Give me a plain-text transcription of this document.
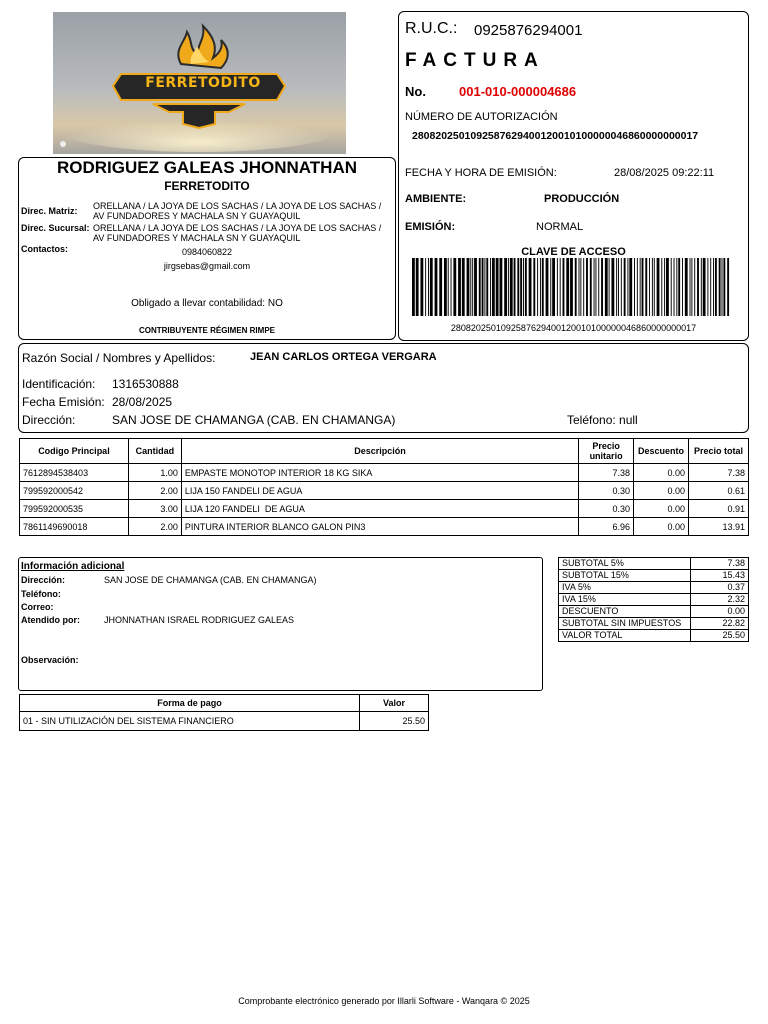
FERRETODITO
RODRIGUEZ GALEAS JHONNATHAN
FERRETODITO
Direc. Matriz: ORELLANA / LA JOYA DE LOS SACHAS / LA JOYA DE LOS SACHAS / AV FUNDADORES Y MACHALA SN Y GUAYAQUIL
Direc. Sucursal: ORELLANA / LA JOYA DE LOS SACHAS / LA JOYA DE LOS SACHAS / AV FUNDADORES Y MACHALA SN Y GUAYAQUIL
Contactos:	0984060822
jirgsebas@gmail.com
Obligado a llevar contabilidad: NO
CONTRIBUYENTE RÉGIMEN RIMPE
R.U.C.: 0925876294001
FACTURA
No.	001-010-000004686
NÚMERO DE AUTORIZACIÓN
2808202501092587629400120010100000046860000000017
FECHA Y HORA DE EMISIÓN:	28/08/2025 09:22:11
AMBIENTE:	PRODUCCIÓN
EMISIÓN:	NORMAL
CLAVE DE ACCESO
2808202501092587629400120010100000046860000000017
Razón Social / Nombres y Apellidos:	JEAN CARLOS ORTEGA VERGARA
Identificación: 1316530888
Fecha Emisión: 28/08/2025
Dirección:	SAN JOSE DE CHAMANGA (CAB. EN CHAMANGA)	Teléfono: null
Codigo Principal	Cantidad	Descripción	Precio unitario	Descuento	Precio total
7612894538403	1.00	EMPASTE MONOTOP INTERIOR 18 KG SIKA	7.38	0.00	7.38
799592000542	2.00	LIJA 150 FANDELI DE AGUA	0.30	0.00	0.61
799592000535	3.00	LIJA 120 FANDELI  DE AGUA	0.30	0.00	0.91
7861149690018	2.00	PINTURA INTERIOR BLANCO GALON PIN3	6.96	0.00	13.91
Información adicional
Dirección:	SAN JOSE DE CHAMANGA (CAB. EN CHAMANGA)
Teléfono:
Correo:
Atendido por:	JHONNATHAN ISRAEL RODRIGUEZ GALEAS
Observación:
SUBTOTAL 5%	7.38
SUBTOTAL 15%	15.43
IVA 5%	0.37
IVA 15%	2.32
DESCUENTO	0.00
SUBTOTAL SIN IMPUESTOS	22.82
VALOR TOTAL	25.50
Forma de pago	Valor
01 - SIN UTILIZACIÓN DEL SISTEMA FINANCIERO	25.50
Comprobante electrónico generado por Illarli Software - Wanqara © 2025
